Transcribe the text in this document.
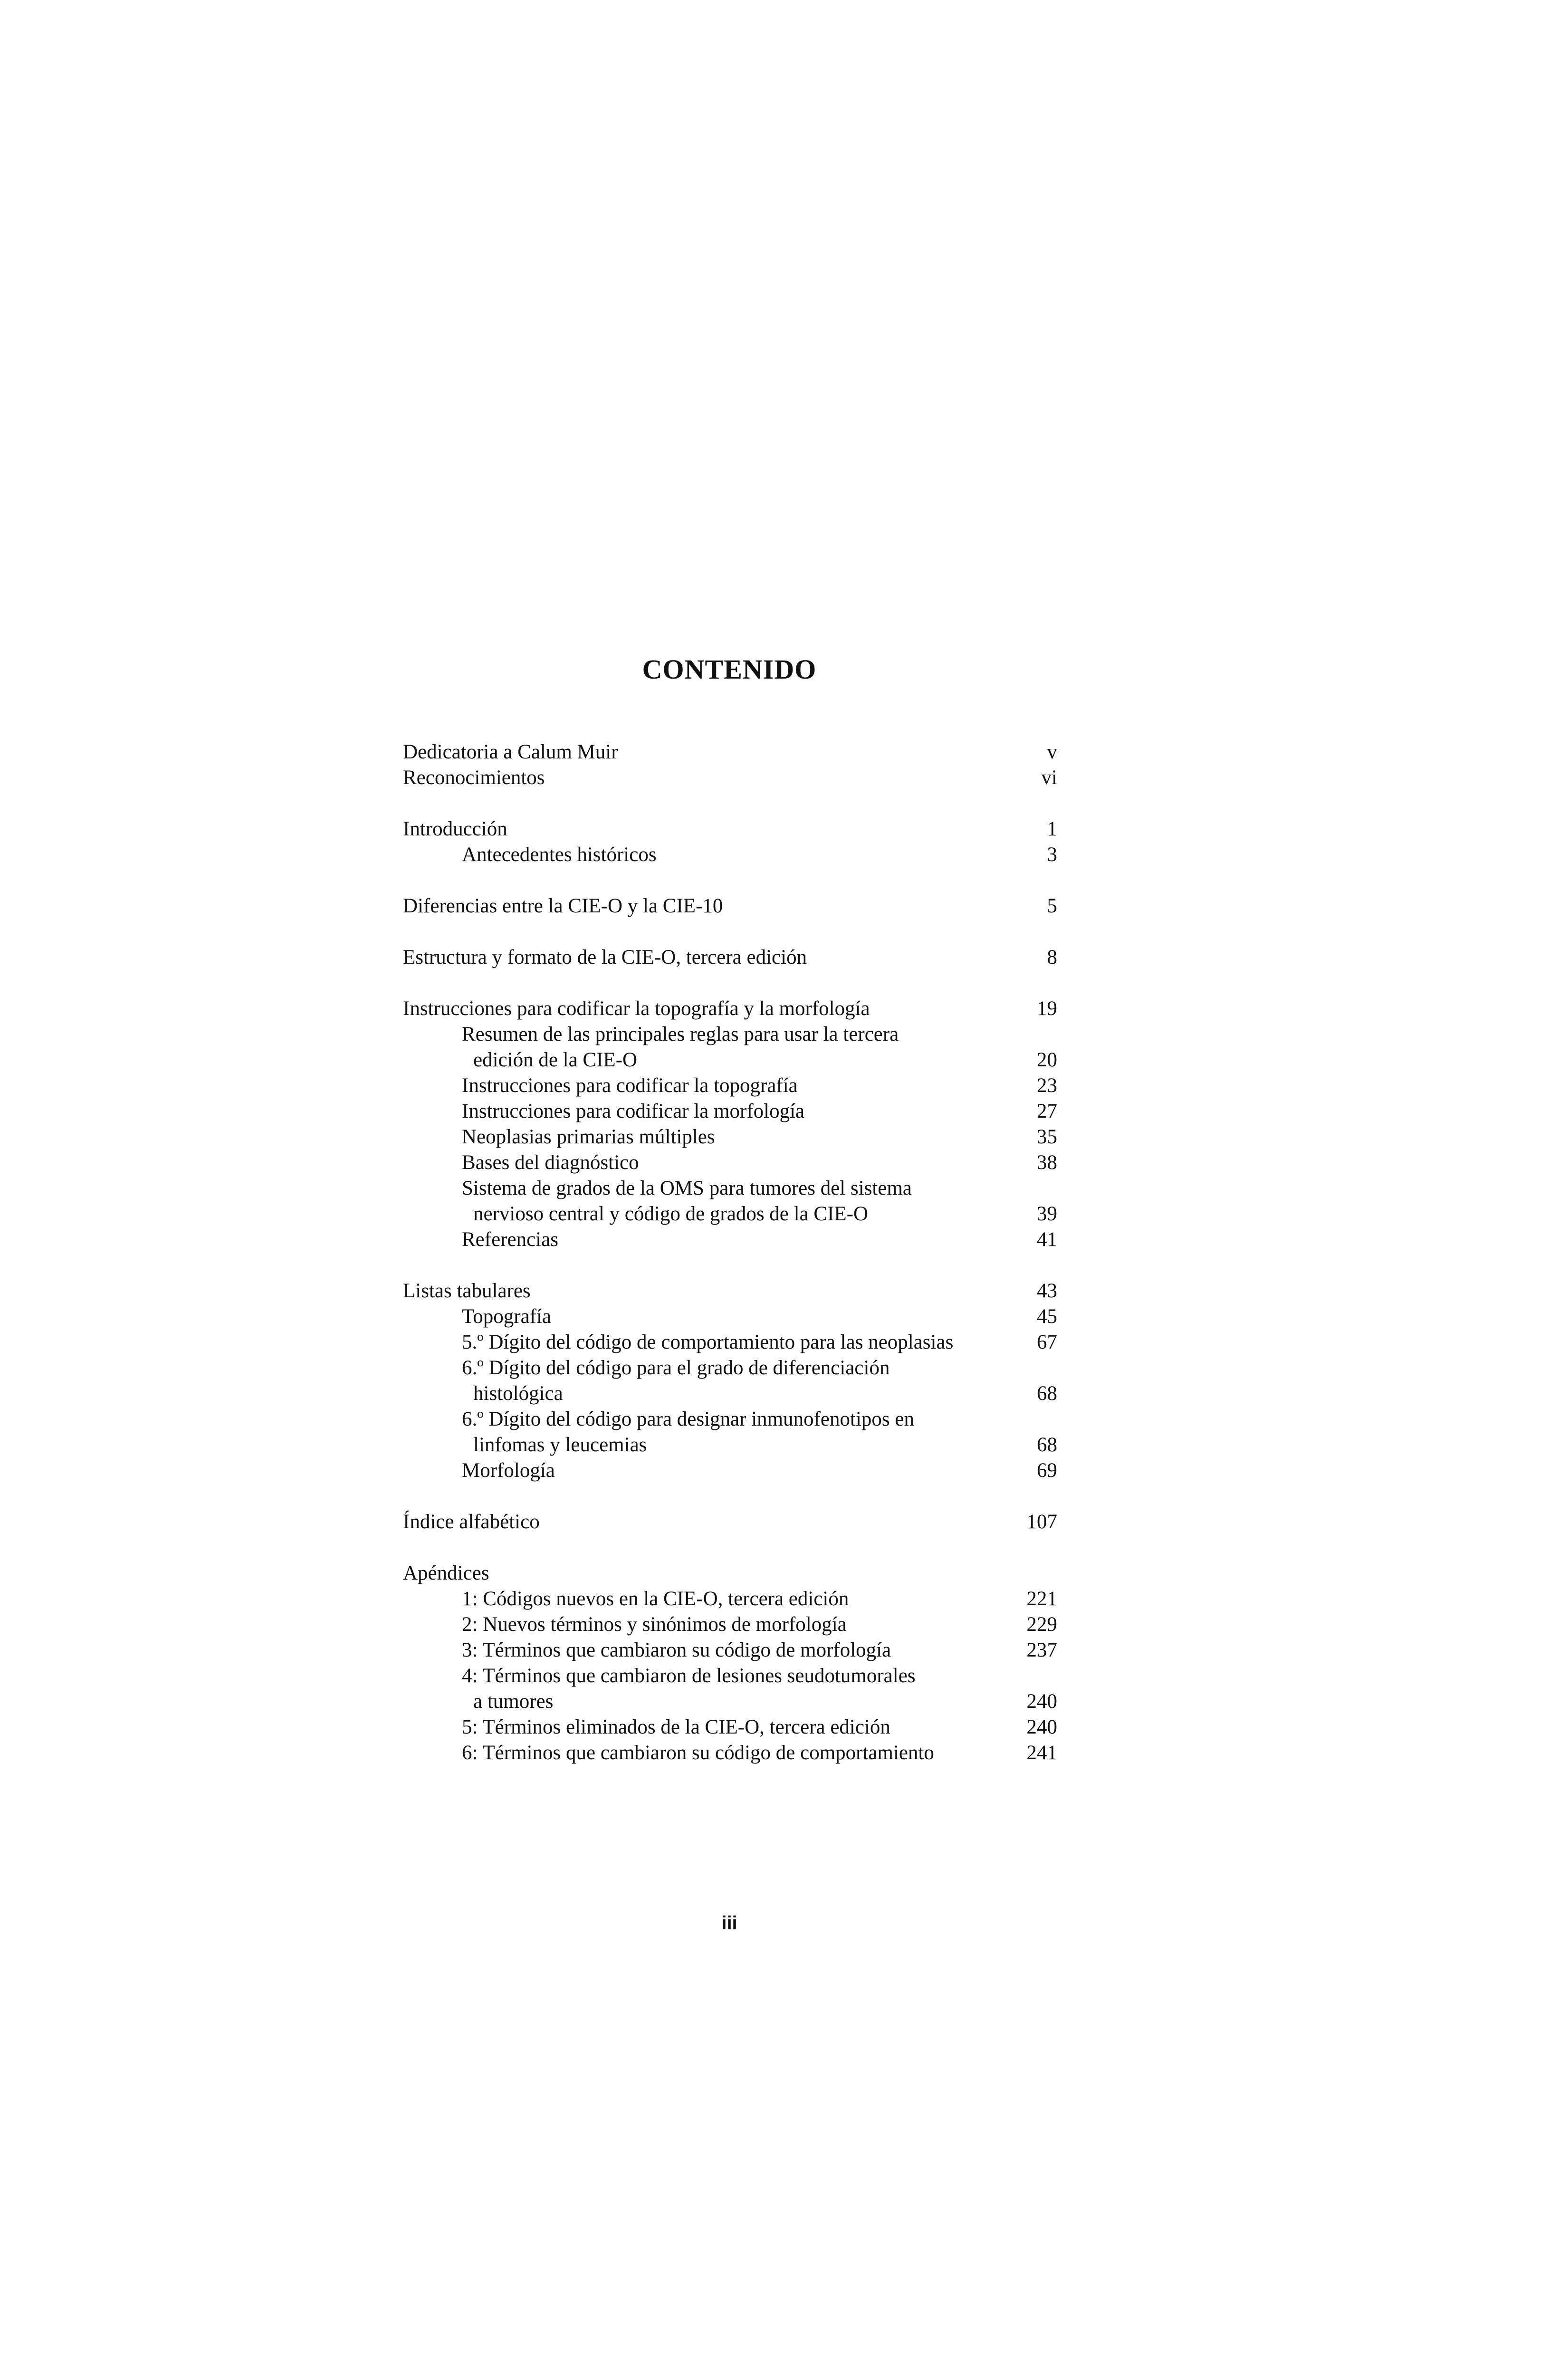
CONTENIDO
Dedicatoria a Calum Muir	v
Reconocimientos	vi
Introducción	1
Antecedentes históricos	3
Diferencias entre la CIE-O y la CIE-10	5
Estructura y formato de la CIE-O, tercera edición	8
Instrucciones para codificar la topografía y la morfología	19
Resumen de las principales reglas para usar la tercera
edición de la CIE-O	20
Instrucciones para codificar la topografía	23
Instrucciones para codificar la morfología	27
Neoplasias primarias múltiples	35
Bases del diagnóstico	38
Sistema de grados de la OMS para tumores del sistema
nervioso central y código de grados de la CIE-O	39
Referencias	41
Listas tabulares	43
Topografía	45
5.º Dígito del código de comportamiento para las neoplasias	67
6.º Dígito del código para el grado de diferenciación
histológica	68
6.º Dígito del código para designar inmunofenotipos en
linfomas y leucemias	68
Morfología	69
Índice alfabético	107
Apéndices
1: Códigos nuevos en la CIE-O, tercera edición	221
2: Nuevos términos y sinónimos de morfología	229
3: Términos que cambiaron su código de morfología	237
4: Términos que cambiaron de lesiones seudotumorales
a tumores	240
5: Términos eliminados de la CIE-O, tercera edición	240
6: Términos que cambiaron su código de comportamiento	241
iii
